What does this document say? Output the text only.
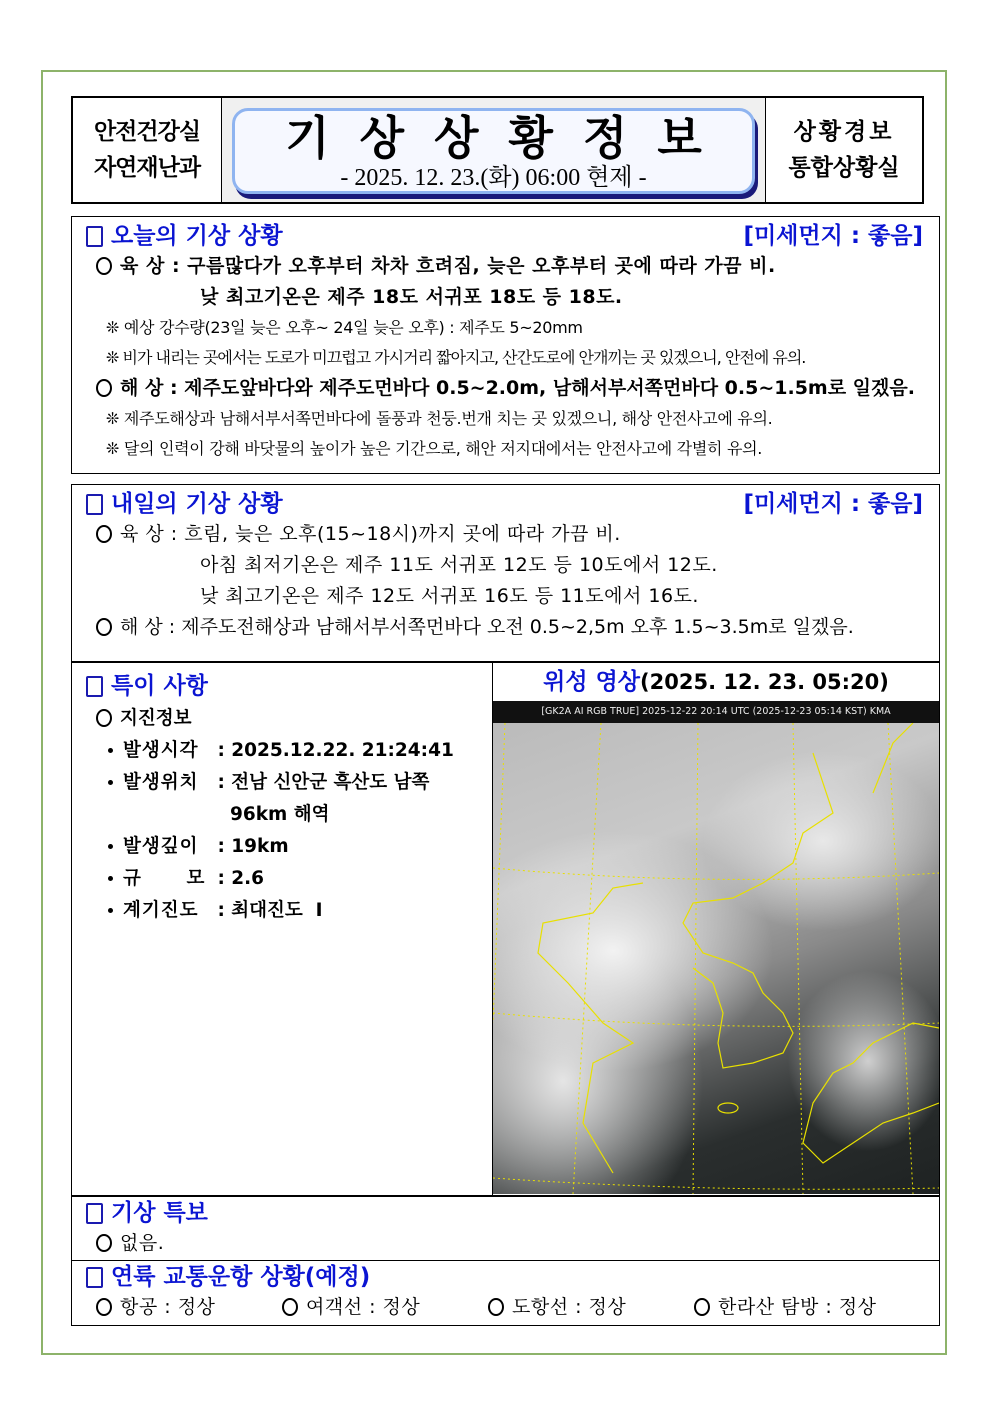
안전건강실
자연재난과
기상상황정보
- 2025. 12. 23.(화) 06:00 현제 -
상황경보
통합상황실
오늘의 기상 상황	[미세먼지 : 좋음]
육 상 : 구름많다가 오후부터 차차 흐려짐, 늦은 오후부터 곳에 따라 가끔 비.
낮 최고기온은 제주 18도 서귀포 18도 등 18도.
❊ 예상 강수량(23일 늦은 오후~ 24일 늦은 오후) : 제주도 5~20mm
❊ 비가 내리는 곳에서는 도로가 미끄럽고 가시거리 짧아지고, 산간도로에 안개끼는 곳 있겠으니, 안전에 유의.
해 상 : 제주도앞바다와 제주도먼바다 0.5~2.0m, 남해서부서쪽먼바다 0.5~1.5m로 일겠음.
❊ 제주도해상과 남해서부서쪽먼바다에 돌풍과 천둥.번개 치는 곳 있겠으니, 해상 안전사고에 유의.
❊ 달의 인력이 강해 바닷물의 높이가 높은 기간으로, 해안 저지대에서는 안전사고에 각별히 유의.
내일의 기상 상황	[미세먼지 : 좋음]
육 상 : 흐림, 늦은 오후(15~18시)까지 곳에 따라 가끔 비.
아침 최저기온은 제주 11도 서귀포 12도 등 10도에서 12도.
낮 최고기온은 제주 12도 서귀포 16도 등 11도에서 16도.
해 상 : 제주도전해상과 남해서부서쪽먼바다 오전 0.5~2,5m 오후 1.5~3.5m로 일겠음.
특이 사항
지진정보
발생시각 : 2025.12.22. 21:24:41
발생위치 : 전남 신안군 흑산도 남쪽
96km 해역
발생깊이 : 19km
규      모 : 2.6
계기진도 : 최대진도  Ⅰ
위성 영상(2025. 12. 23. 05:20)
[GK2A AI RGB TRUE] 2025-12-22 20:14 UTC (2025-12-23 05:14 KST) KMA
기상 특보
없음.
연륙 교통운항 상황(예정)
항공 : 정상	여객선 : 정상	도항선 : 정상	한라산 탐방 : 정상
